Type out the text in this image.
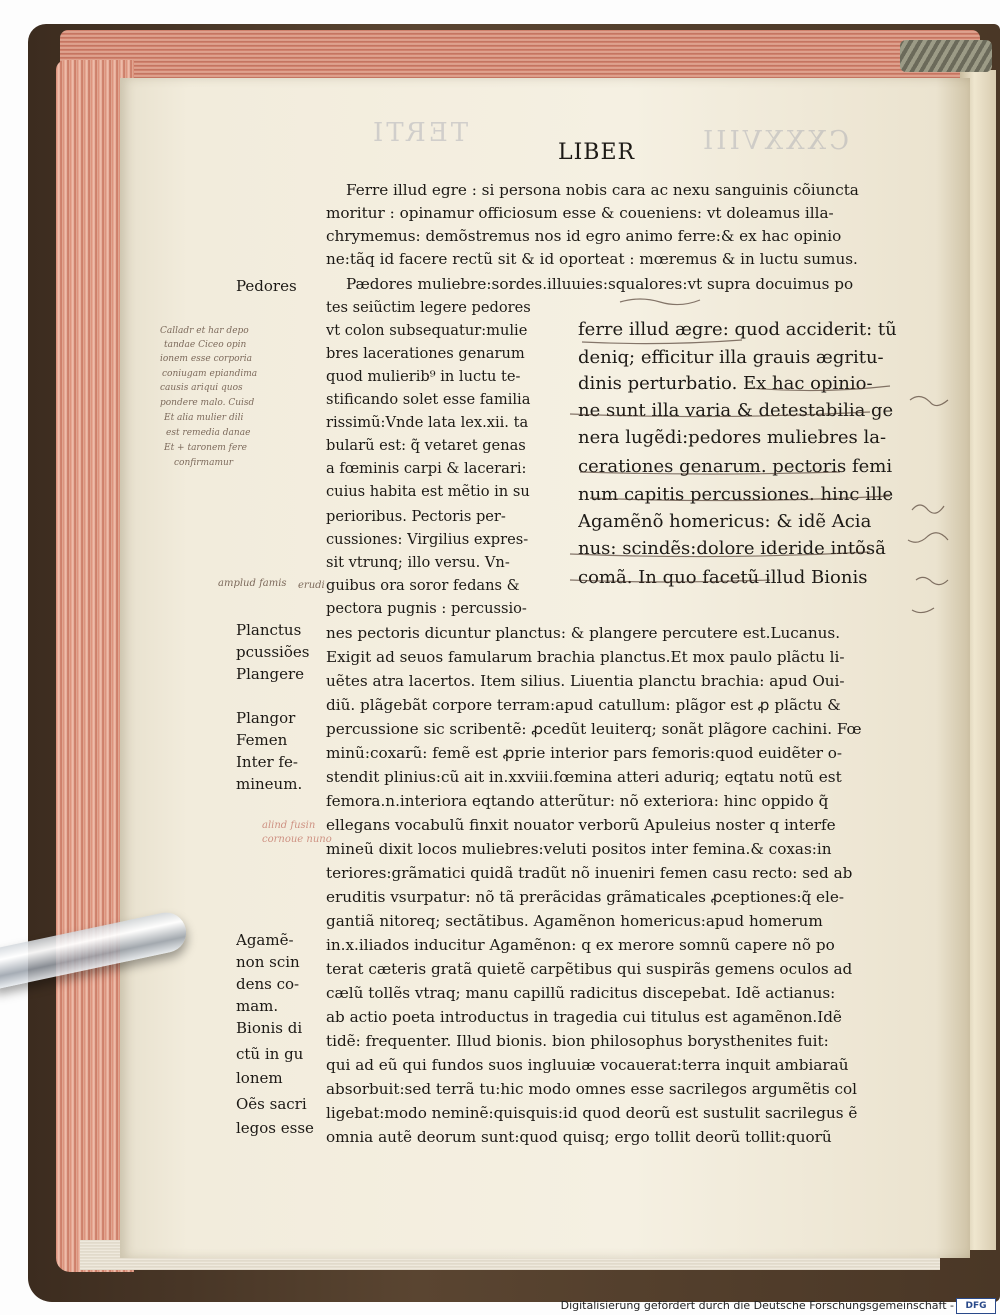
TERTI	CXXXVIII
LIBER
Ferre illud egre : si persona nobis cara ac nexu sanguinis cõiuncta
moritur : opinamur officiosum esse & coueniens: vt doleamus illa-
chrymemus: demõstremus nos id egro animo ferre:& ex hac opinio
ne:tãq id facere rectũ sit & id oporteat : mœremus & in luctu sumus.
Pædores muliebre:sordes.illuuies:squalores:vt supra docuimus po
tes seiũctim legere pedores
vt colon subsequatur:mulie
bres lacerationes genarum
quod mulierib⁹ in luctu te-
stificando solet esse familia
rissimũ:Vnde lata lex.xii. ta
bularũ est: q̃ vetaret genas
a fœminis carpi & lacerari:
cuius habita est mẽtio in su
perioribus. Pectoris per-
cussiones: Virgilius expres-
sit vtrunq; illo versu. Vn-
guibus ora soror fedans &
pectora pugnis : percussio-
ferre illud ægre: quod acciderit: tũ
deniq; efficitur illa grauis ægritu-
dinis perturbatio. Ex hac opinio-
ne sunt illa varia & detestabilia ge
nera lugẽdi:pedores muliebres la-
cerationes genarum. pectoris femi
num capitis percussiones. hinc ille
Agamẽnõ homericus: & idẽ Acia
nus: scindẽs:dolore ideride intõsã
comã. In quo facetũ illud Bionis
nes pectoris dicuntur planctus: & plangere percutere est.Lucanus.
Exigit ad seuos famularum brachia planctus.Et mox paulo plãctu li-
uẽtes atra lacertos. Item silius. Liuentia planctu brachia: apud Oui-
diũ. plãgebãt corpore terram:apud catullum: plãgor est ꝓ plãctu &
percussione sic scribentẽ: ꝓcedũt leuiterq; sonãt plãgore cachini. Fœ
minũ:coxarũ: femẽ est ꝓprie interior pars femoris:quod euidẽter o-
stendit plinius:cũ ait in.xxviii.fœmina atteri aduriq; eqtatu notũ est
femora.n.interiora eqtando atterũtur: nõ exteriora: hinc oppido q̃
ellegans vocabulũ finxit nouator verborũ Apuleius noster q interfe
mineũ dixit locos muliebres:veluti positos inter femina.& coxas:in
teriores:grãmatici quidã tradũt nõ inueniri femen casu recto: sed ab
eruditis vsurpatur: nõ tã prerãcidas grãmaticales ꝓceptiones:q̃ ele-
gantiã nitoreq; sectãtibus. Agamẽnon homericus:apud homerum
in.x.iliados inducitur Agamẽnon: q ex merore somnũ capere nõ po
terat cæteris gratã quietẽ carpẽtibus qui suspirãs gemens oculos ad
cælũ tollẽs vtraq; manu capillũ radicitus discepebat. Idẽ actianus:
ab actio poeta introductus in tragedia cui titulus est agamẽnon.Idẽ
tidẽ: frequenter. Illud bionis. bion philosophus borysthenites fuit:
qui ad eũ qui fundos suos ingluuiæ vocauerat:terra inquit ambiaraũ
absorbuit:sed terrã tu:hic modo omnes esse sacrilegos argumẽtis col
ligebat:modo neminẽ:quisquis:id quod deorũ est sustulit sacrilegus ẽ
omnia autẽ deorum sunt:quod quisq; ergo tollit deorũ tollit:quorũ
Pedores
Planctus
pcussiões
Plangere
Plangor
Femen
Inter fe-
mineum.
Agamẽ-
non scin
dens co-
mam.
Bionis di
ctũ in gu
lonem
Oẽs sacri
legos esse
Calladr et har depo
tandae Ciceo opin
ionem esse corporia
coniugam epiandima
causis ariqui quos
pondere malo. Cuisd
Et alia mulier dili
est remedia danae
Et + taronem fere
confirmamur
amplud famis	erudi
alind fusin
cornoue nuno
Digitalisierung gefördert durch die Deutsche Forschungsgemeinschaft -	DFG
